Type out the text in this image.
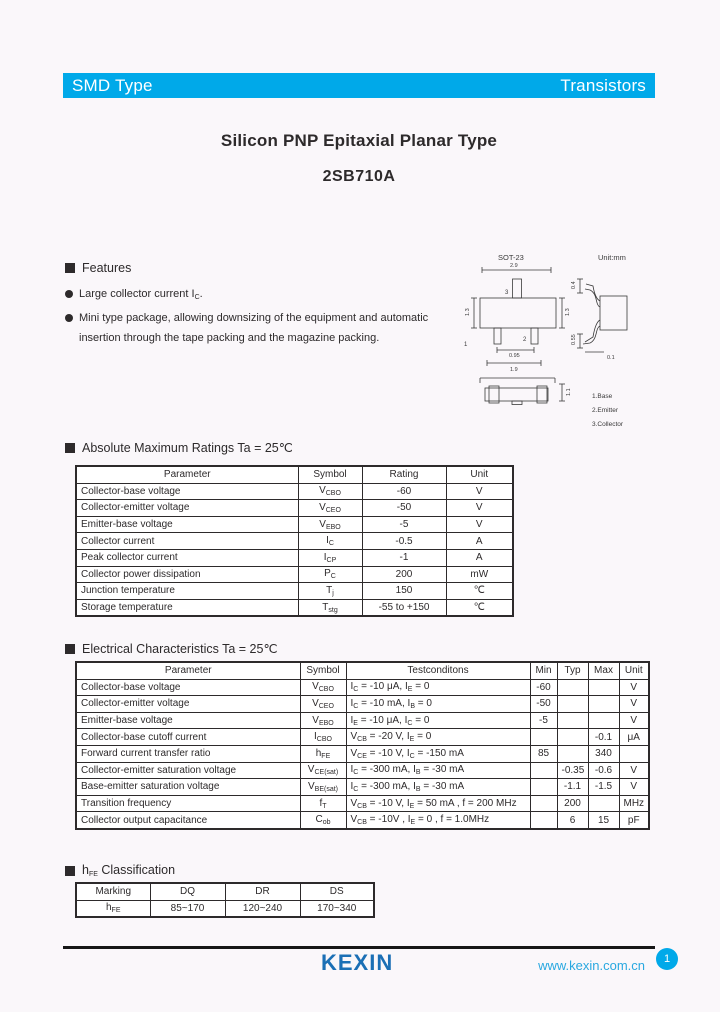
SMD Type	Transistors
Silicon PNP Epitaxial Planar Type
2SB710A
Features
Large collector current $I_C$.
Mini type package, allowing downsizing of the equipment and automatic insertion through the tape packing and the magazine packing.
SOT-23	Unit:mm
3
1
2
2.9
1.3	1.3
0.95
1.9
0.4
0.55
0.1
1.1
1.Base
2.Emitter
3.Collector
Absolute Maximum Ratings Ta = 25℃
Parameter	Symbol	Rating	Unit
Collector-base voltage	$V_{CBO}$	-60	V
Collector-emitter voltage	$V_{CEO}$	-50	V
Emitter-base voltage	$V_{EBO}$	-5	V
Collector current	$I_C$	-0.5	A
Peak collector current	$I_{CP}$	-1	A
Collector power dissipation	$P_C$	200	mW
Junction temperature	$T_j$	150	℃
Storage temperature	$T_{stg}$	-55 to +150	℃
Electrical Characteristics Ta = 25℃
Parameter	Symbol	Testconditons	Min	Typ	Max	Unit
Collector-base voltage	$V_{CBO}$	$I_C = -10$ μA, $I_E = 0$	-60			V
Collector-emitter voltage	$V_{CEO}$	$I_C = -10$ mA, $I_B = 0$	-50			V
Emitter-base voltage	$V_{EBO}$	$I_E = -10$ μA, $I_C = 0$	-5			V
Collector-base cutoff current	$I_{CBO}$	$V_{CB} = -20$ V, $I_E = 0$			-0.1	μA
Forward current transfer ratio	$h_{FE}$	$V_{CE} = -10$ V, $I_C = -150$ mA	85		340	
Collector-emitter saturation voltage	$V_{CE(sat)}$	$I_C = -300$ mA, $I_B = -30$ mA		-0.35	-0.6	V
Base-emitter saturation voltage	$V_{BE(sat)}$	$I_C = -300$ mA, $I_B = -30$ mA		-1.1	-1.5	V
Transition frequency	$f_T$	$V_{CB} = -10$ V, $I_E = 50$ mA , f = 200 MHz		200		MHz
Collector output capacitance	$C_{ob}$	$V_{CB} = -10V$ , $I_E = 0$ , f = 1.0MHz		6	15	pF
$h_{FE}$ Classification
Marking	DQ	DR	DS
$h_{FE}$	85~170	120~240	170~340
KEXIN	www.kexin.com.cn 1
